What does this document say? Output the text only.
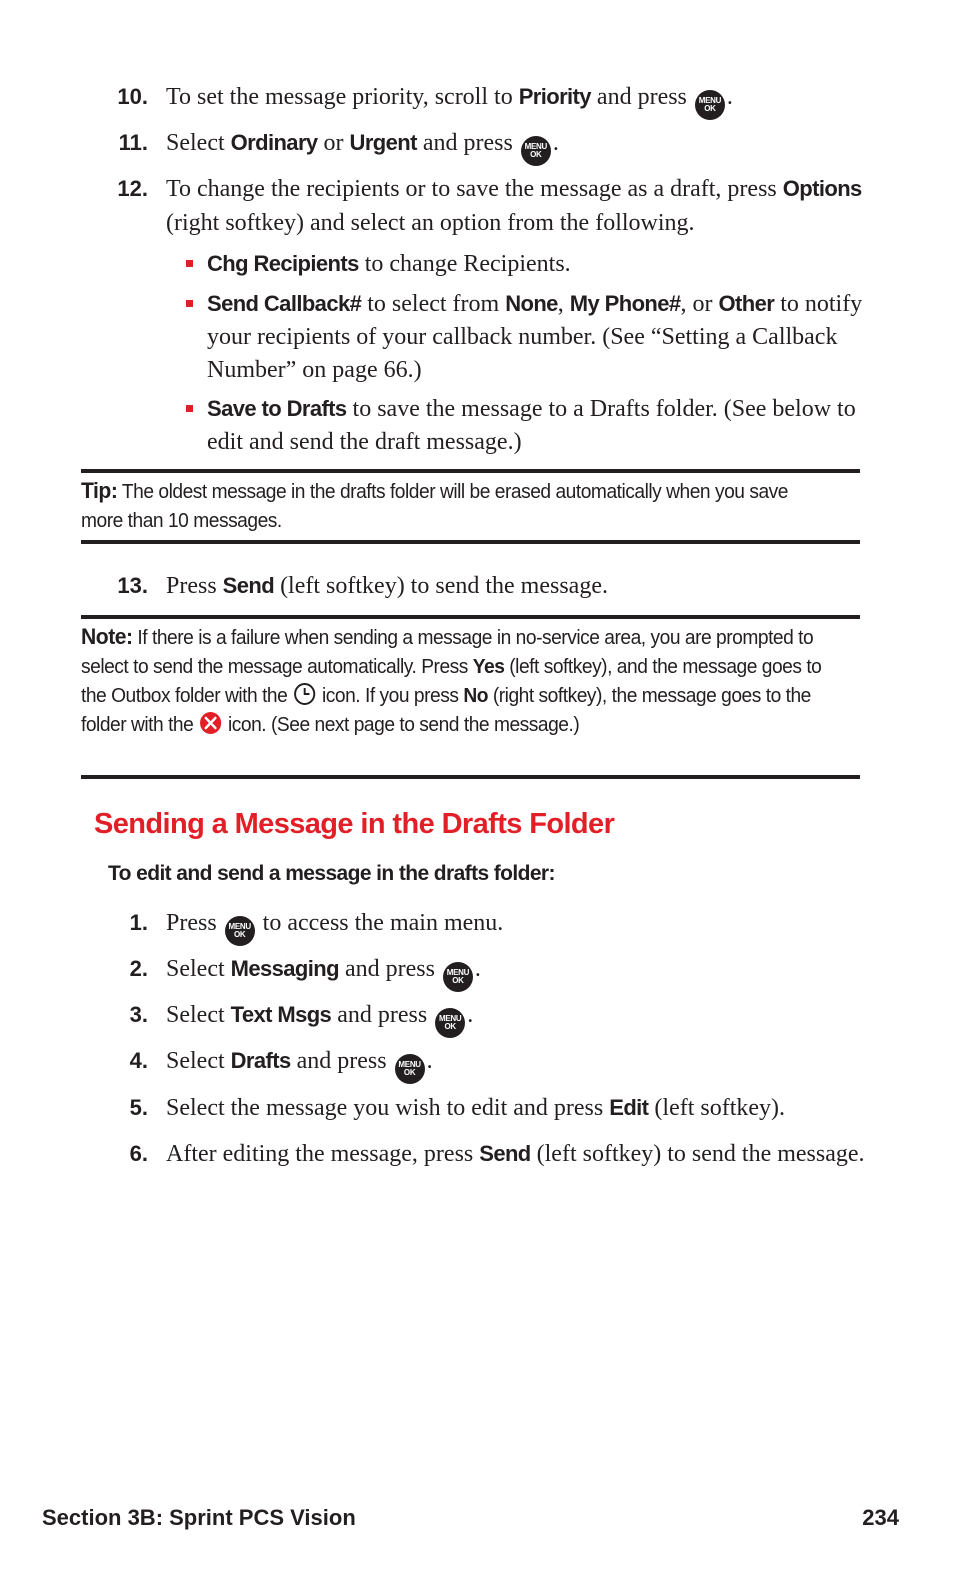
10. To set the message priority, scroll to Priority and press MENU
OK .
11. Select Ordinary or Urgent and press MENU
OK .
12. To change the recipients or to save the message as a draft, press Options (right softkey) and select an option from the following.
Chg Recipients to change Recipients.
Send Callback# to select from None, My Phone#, or Other to notify your recipients of your callback number. (See “Setting a Callback Number” on page 66.)
Save to Drafts to save the message to a Drafts folder. (See below to edit and send the draft message.)
Tip: The oldest message in the drafts folder will be erased automatically when you save more than 10 messages.
13. Press Send (left softkey) to send the message.
Note: If there is a failure when sending a message in no-service area, you are prompted to select to send the message automatically. Press Yes (left softkey), and the message goes to the Outbox folder with the  icon. If you press No (right softkey), the message goes to the folder with the  icon. (See next page to send the message.)
Sending a Message in the Drafts Folder
To edit and send a message in the drafts folder:
1. Press MENU
OK to access the main menu.
2. Select Messaging and press MENU
OK .
3. Select Text Msgs and press MENU
OK .
4. Select Drafts and press MENU
OK .
5. Select the message you wish to edit and press Edit (left softkey).
6. After editing the message, press Send (left softkey) to send the message.
Section 3B: Sprint PCS Vision	234
